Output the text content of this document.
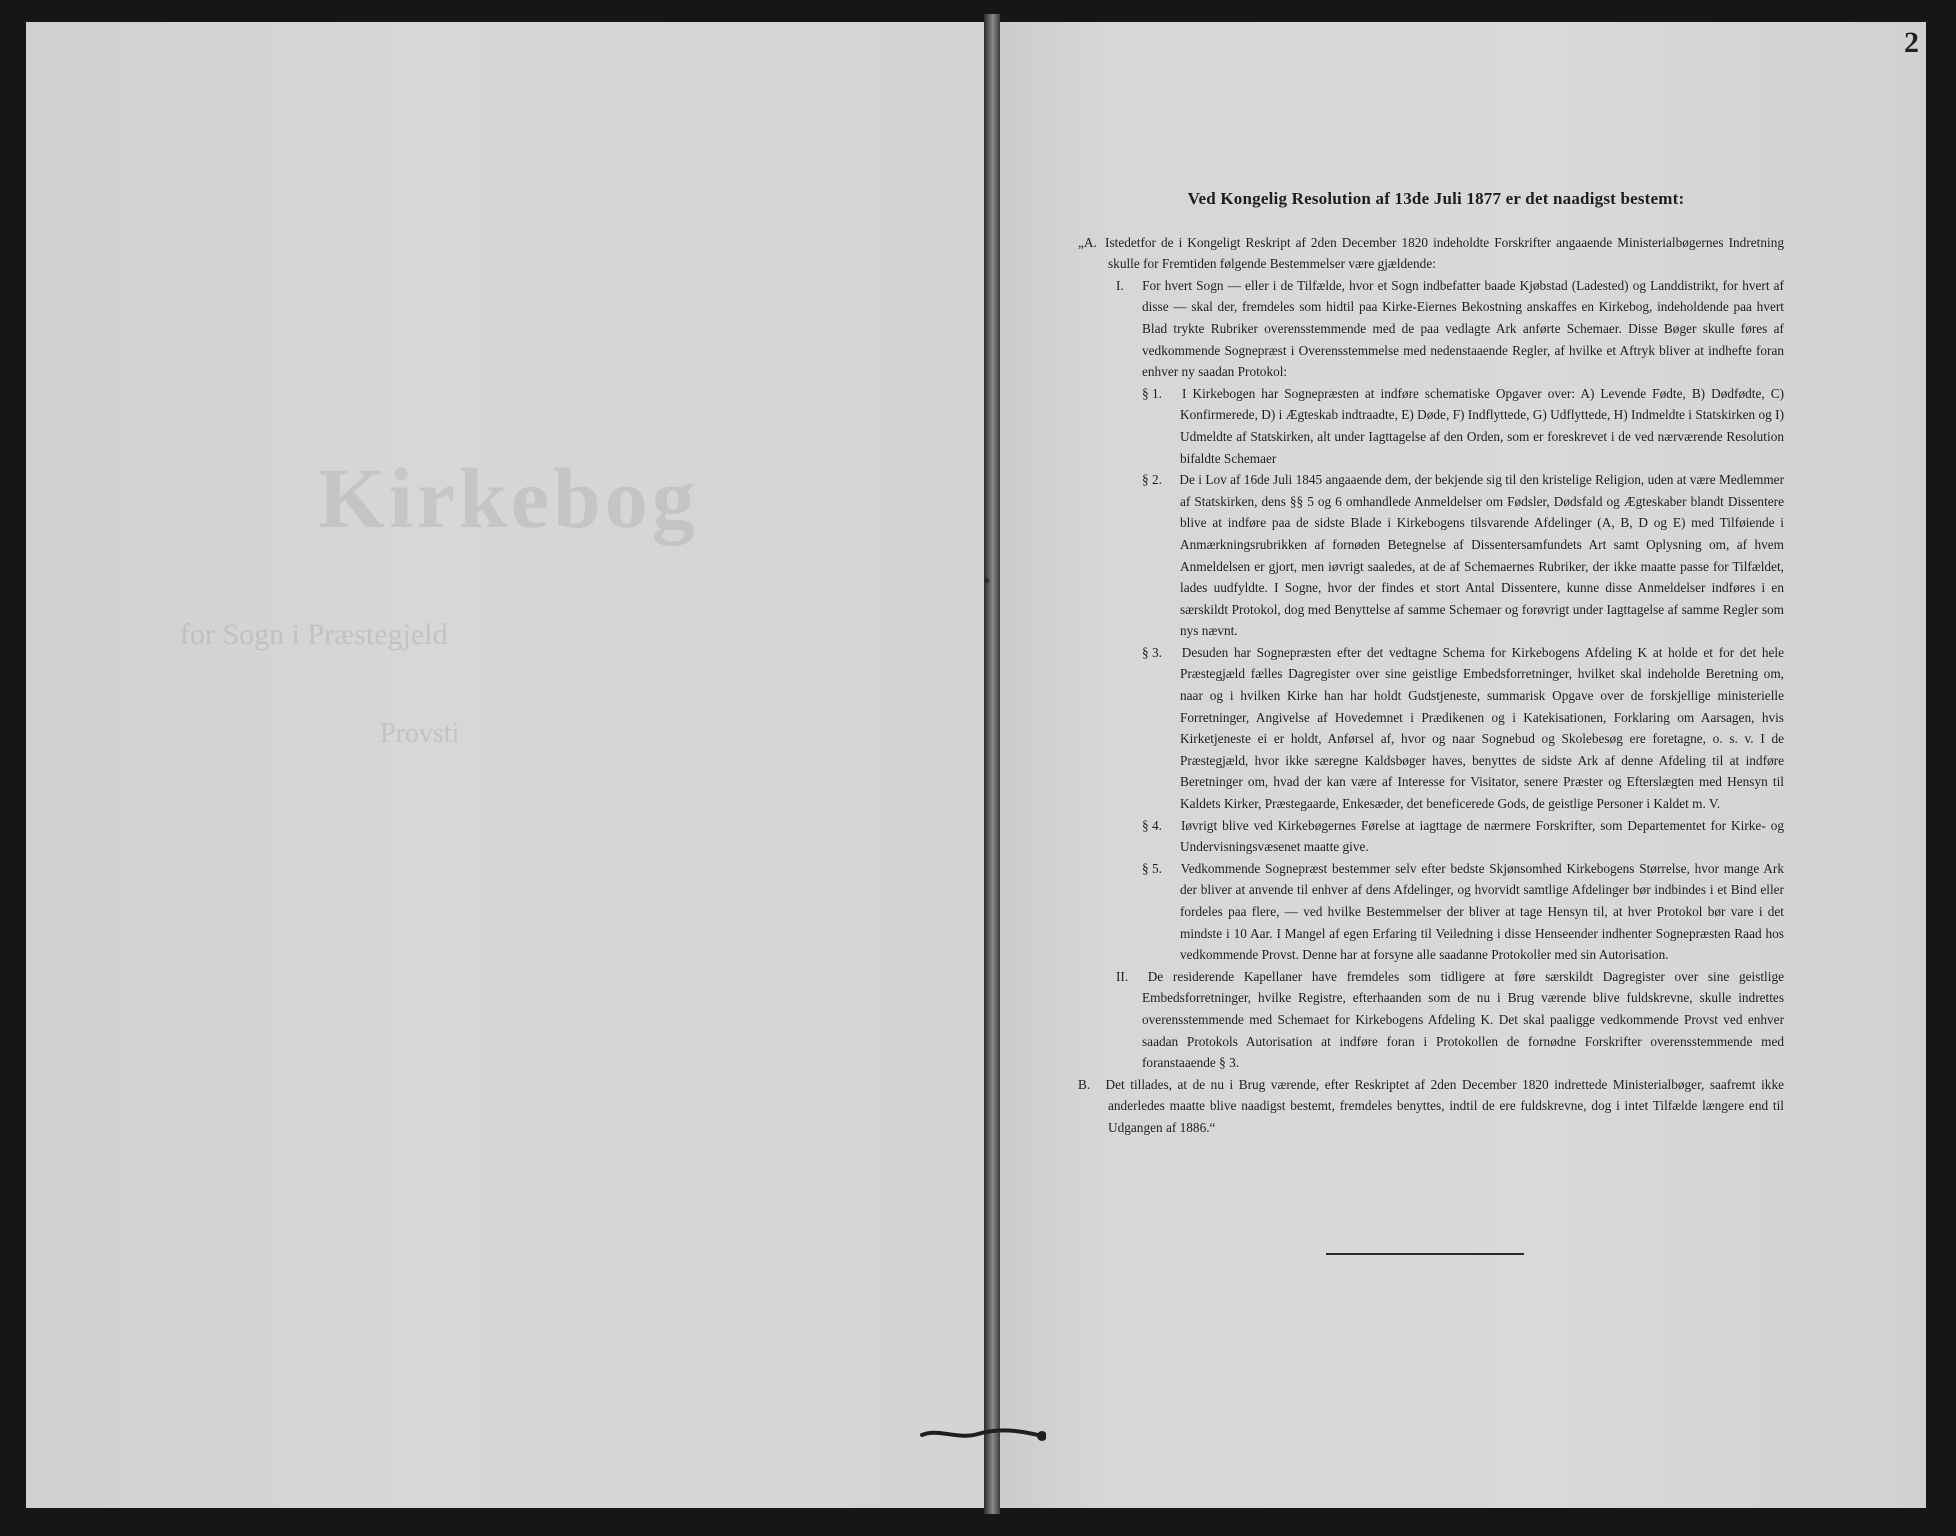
Kirkebog
for Sogn i Præstegjeld
Provsti
2
Ved Kongelig Resolution af 13de Juli 1877 er det naadigst bestemt:

„A. Istedetfor de i Kongeligt Reskript af 2den December 1820 indeholdte Forskrifter angaaende Ministerialbøgernes Indretning skulle for Fremtiden følgende Bestemmelser være gjældende:

I. For hvert Sogn — eller i de Tilfælde, hvor et Sogn indbefatter baade Kjøbstad (Ladested) og Landdistrikt, for hvert af disse — skal der, fremdeles som hidtil paa Kirke-Eiernes Bekostning anskaffes en Kirkebog, indeholdende paa hvert Blad trykte Rubriker overensstemmende med de paa vedlagte Ark anførte Schemaer. Disse Bøger skulle føres af vedkommende Sognepræst i Overensstemmelse med nedenstaaende Regler, af hvilke et Aftryk bliver at indhefte foran enhver ny saadan Protokol:

§ 1. I Kirkebogen har Sognepræsten at indføre schematiske Opgaver over: A) Levende Fødte, B) Dødfødte, C) Konfirmerede, D) i Ægteskab indtraadte, E) Døde, F) Indflyttede, G) Udflyttede, H) Indmeldte i Statskirken og I) Udmeldte af Statskirken, alt under Iagttagelse af den Orden, som er foreskrevet i de ved nærværende Resolution bifaldte Schemaer

§ 2. De i Lov af 16de Juli 1845 angaaende dem, der bekjende sig til den kristelige Religion, uden at være Medlemmer af Statskirken, dens §§ 5 og 6 omhandlede Anmeldelser om Fødsler, Dødsfald og Ægteskaber blandt Dissentere blive at indføre paa de sidste Blade i Kirkebogens tilsvarende Afdelinger (A, B, D og E) med Tilføiende i Anmærkningsrubrikken af fornøden Betegnelse af Dissentersamfundets Art samt Oplysning om, af hvem Anmeldelsen er gjort, men iøvrigt saaledes, at de af Schemaernes Rubriker, der ikke maatte passe for Tilfældet, lades uudfyldte. I Sogne, hvor der findes et stort Antal Dissentere, kunne disse Anmeldelser indføres i en særskildt Protokol, dog med Benyttelse af samme Schemaer og forøvrigt under Iagttagelse af samme Regler som nys nævnt.

§ 3. Desuden har Sognepræsten efter det vedtagne Schema for Kirkebogens Afdeling K at holde et for det hele Præstegjæld fælles Dagregister over sine geistlige Embedsforretninger, hvilket skal indeholde Beretning om, naar og i hvilken Kirke han har holdt Gudstjeneste, summarisk Opgave over de forskjellige ministerielle Forretninger, Angivelse af Hovedemnet i Prædikenen og i Katekisationen, Forklaring om Aarsagen, hvis Kirketjeneste ei er holdt, Anførsel af, hvor og naar Sognebud og Skolebesøg ere foretagne, o. s. v. I de Præstegjæld, hvor ikke særegne Kaldsbøger haves, benyttes de sidste Ark af denne Afdeling til at indføre Beretninger om, hvad der kan være af Interesse for Visitator, senere Præster og Efterslægten med Hensyn til Kaldets Kirker, Præstegaarde, Enkesæder, det beneficerede Gods, de geistlige Personer i Kaldet m. V.

§ 4. Iøvrigt blive ved Kirkebøgernes Førelse at iagttage de nærmere Forskrifter, som Departementet for Kirke- og Undervisningsvæsenet maatte give.

§ 5. Vedkommende Sognepræst bestemmer selv efter bedste Skjønsomhed Kirkebogens Størrelse, hvor mange Ark der bliver at anvende til enhver af dens Afdelinger, og hvorvidt samtlige Afdelinger bør indbindes i et Bind eller fordeles paa flere, — ved hvilke Bestemmelser der bliver at tage Hensyn til, at hver Protokol bør vare i det mindste i 10 Aar. I Mangel af egen Erfaring til Veiledning i disse Henseender indhenter Sognepræsten Raad hos vedkommende Provst. Denne har at forsyne alle saadanne Protokoller med sin Autorisation.

II. De residerende Kapellaner have fremdeles som tidligere at føre særskildt Dagregister over sine geistlige Embedsforretninger, hvilke Registre, efterhaanden som de nu i Brug værende blive fuldskrevne, skulle indrettes overensstemmende med Schemaet for Kirkebogens Afdeling K. Det skal paaligge vedkommende Provst ved enhver saadan Protokols Autorisation at indføre foran i Protokollen de fornødne Forskrifter overensstemmende med foranstaaende § 3.

B. Det tillades, at de nu i Brug værende, efter Reskriptet af 2den December 1820 indrettede Ministerialbøger, saafremt ikke anderledes maatte blive naadigst bestemt, fremdeles benyttes, indtil de ere fuldskrevne, dog i intet Tilfælde længere end til Udgangen af 1886.“
